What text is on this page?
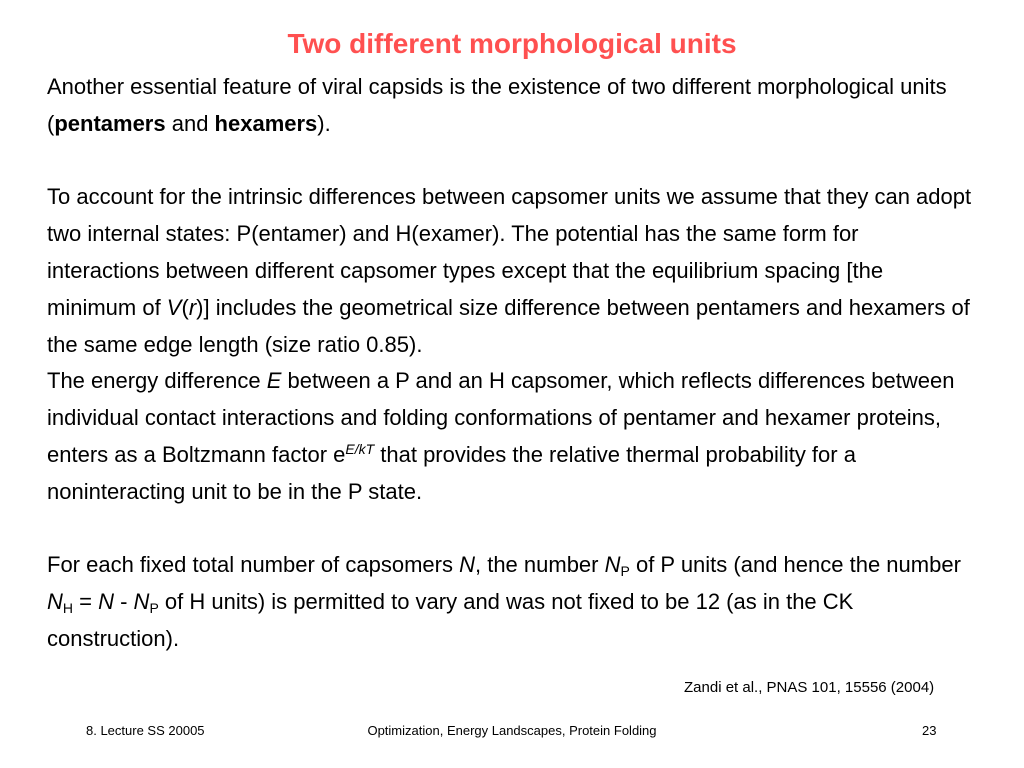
Two different morphological units

Another essential feature of viral capsids is the existence of two different morphological units (pentamers and hexamers).

To account for the intrinsic differences between capsomer units we assume that they can adopt two internal states: P(entamer) and H(examer). The potential has the same form for interactions between different capsomer types except that the equilibrium spacing [the minimum of V(r)] includes the geometrical size difference between pentamers and hexamers of the same edge length (size ratio 0.85).

The energy difference E between a P and an H capsomer, which reflects differences between individual contact interactions and folding conformations of pentamer and hexamer proteins, enters as a Boltzmann factor $e^{E/kT}$ that provides the relative thermal probability for a noninteracting unit to be in the P state.

For each fixed total number of capsomers N, the number $N_P$ of P units (and hence the number $N_H = N - N_P$ of H units) is permitted to vary and was not fixed to be 12 (as in the CK construction).

Zandi et al., PNAS 101, 15556 (2004)
8. Lecture SS 20005	Optimization, Energy Landscapes, Protein Folding	23
